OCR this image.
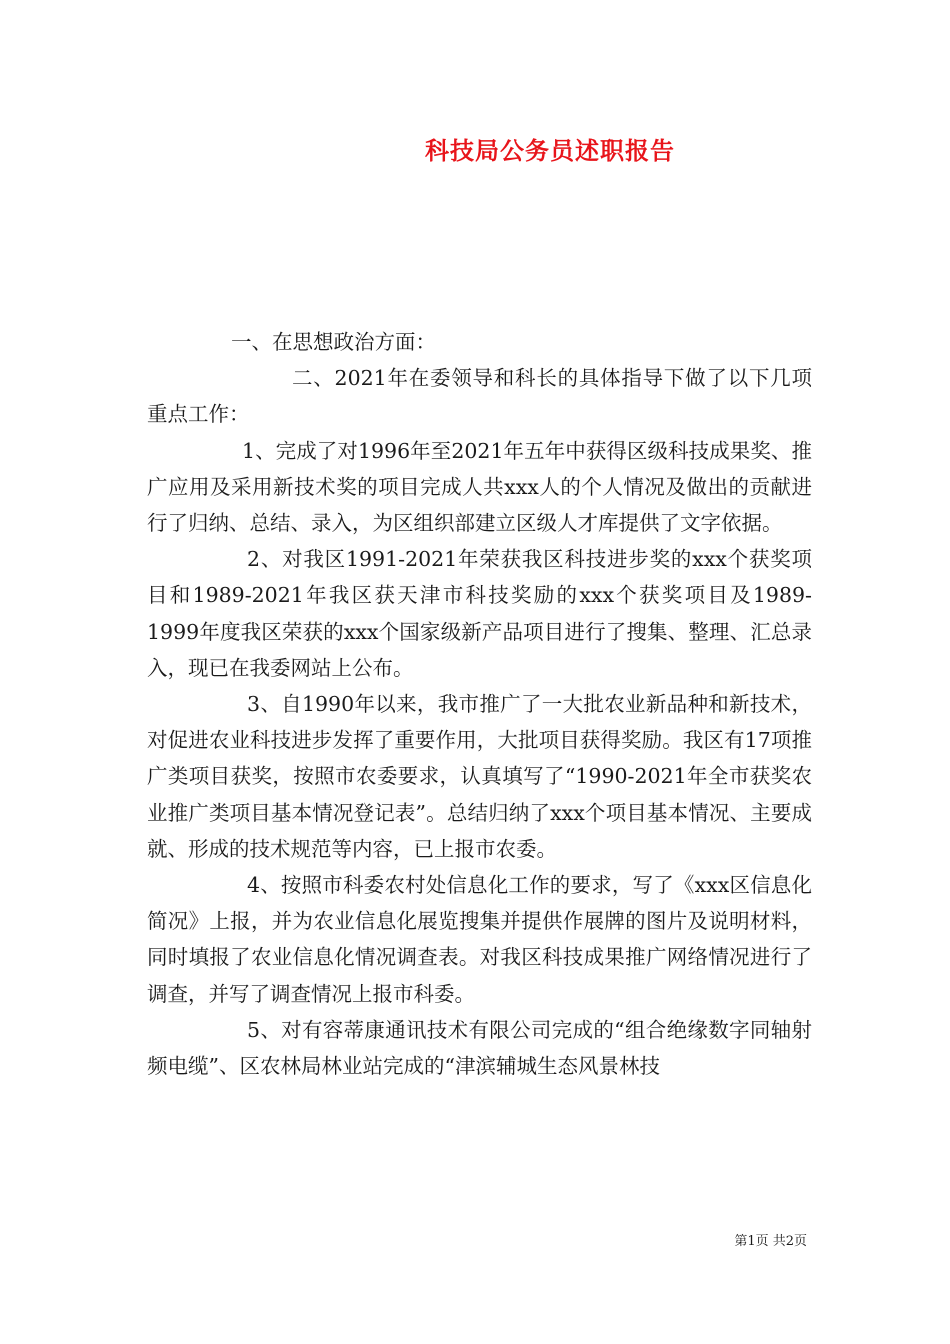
科技局公务员述职报告

一、在思想政治方面：

二、2021年在委领导和科长的具体指导下做了以下几项重点工作：

1、完成了对1996年至2021年五年中获得区级科技成果奖、推广应用及采用新技术奖的项目完成人共xxx人的个人情况及做出的贡献进行了归纳、总结、录入，为区组织部建立区级人才库提供了文字依据。

2、对我区1991-2021年荣获我区科技进步奖的xxx个获奖项目和1989-2021年我区获天津市科技奖励的xxx个获奖项目及1989-1999年度我区荣获的xxx个国家级新产品项目进行了搜集、整理、汇总录入，现已在我委网站上公布。

3、自1990年以来，我市推广了一大批农业新品种和新技术，对促进农业科技进步发挥了重要作用，大批项目获得奖励。我区有17项推广类项目获奖，按照市农委要求，认真填写了“1990-2021年全市获奖农业推广类项目基本情况登记表”。总结归纳了xxx个项目基本情况、主要成就、形成的技术规范等内容，已上报市农委。

4、按照市科委农村处信息化工作的要求，写了《xxx区信息化简况》上报，并为农业信息化展览搜集并提供作展牌的图片及说明材料，同时填报了农业信息化情况调查表。对我区科技成果推广网络情况进行了调查，并写了调查情况上报市科委。

5、对有容蒂康通讯技术有限公司完成的“组合绝缘数字同轴射频电缆”、区农林局林业站完成的“津滨辅城生态风景林技

第1页 共2页
